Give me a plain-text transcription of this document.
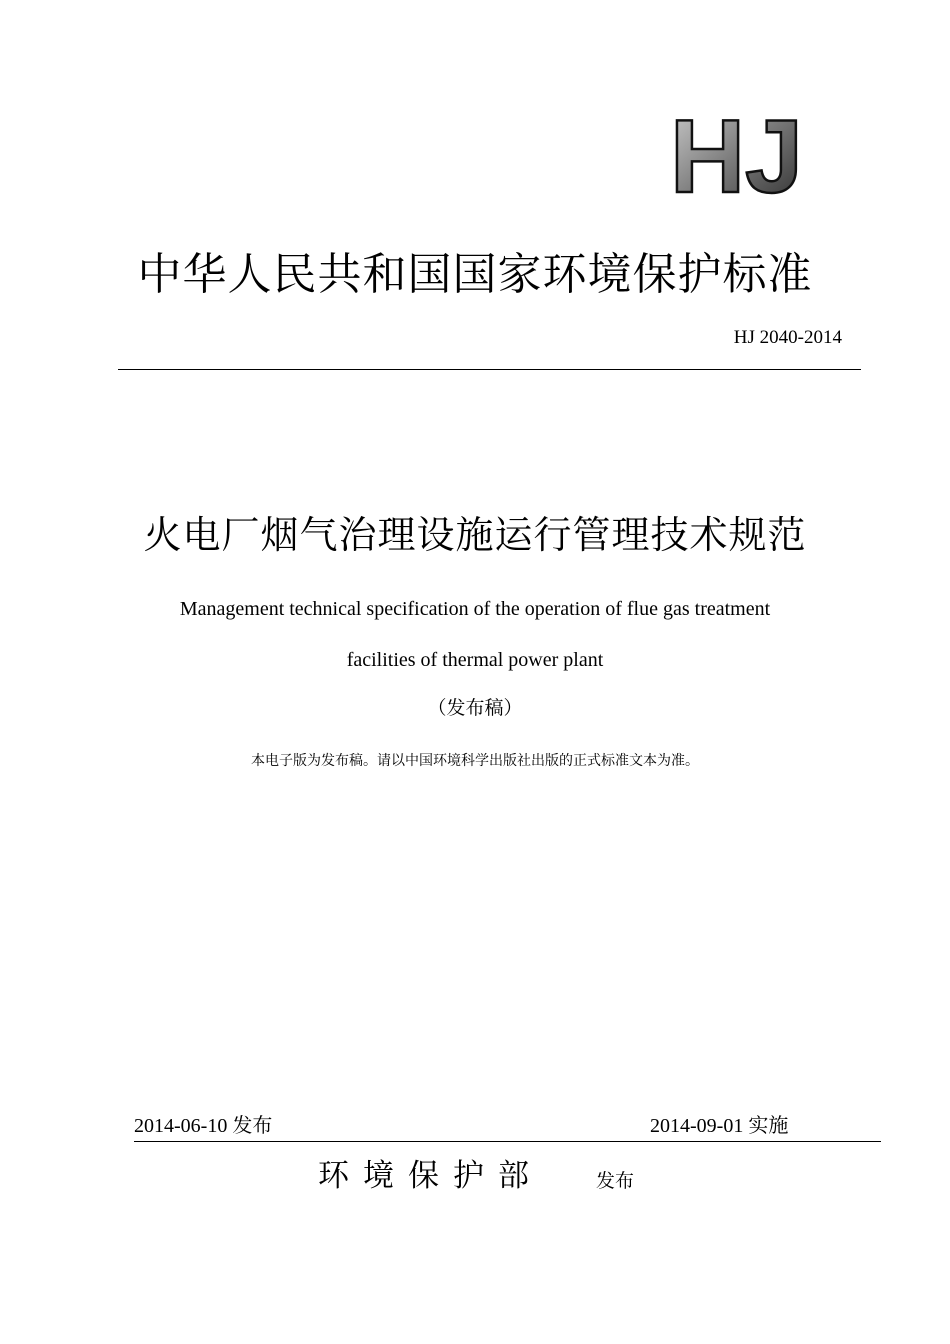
HJ
中华人民共和国国家环境保护标准
HJ 2040-2014
火电厂烟气治理设施运行管理技术规范
Management technical specification of the operation of flue gas treatment
facilities of thermal power plant
（发布稿）
本电子版为发布稿。请以中国环境科学出版社出版的正式标准文本为准。
2014-06-10 发布	2014-09-01 实施
环境保护部	发布
